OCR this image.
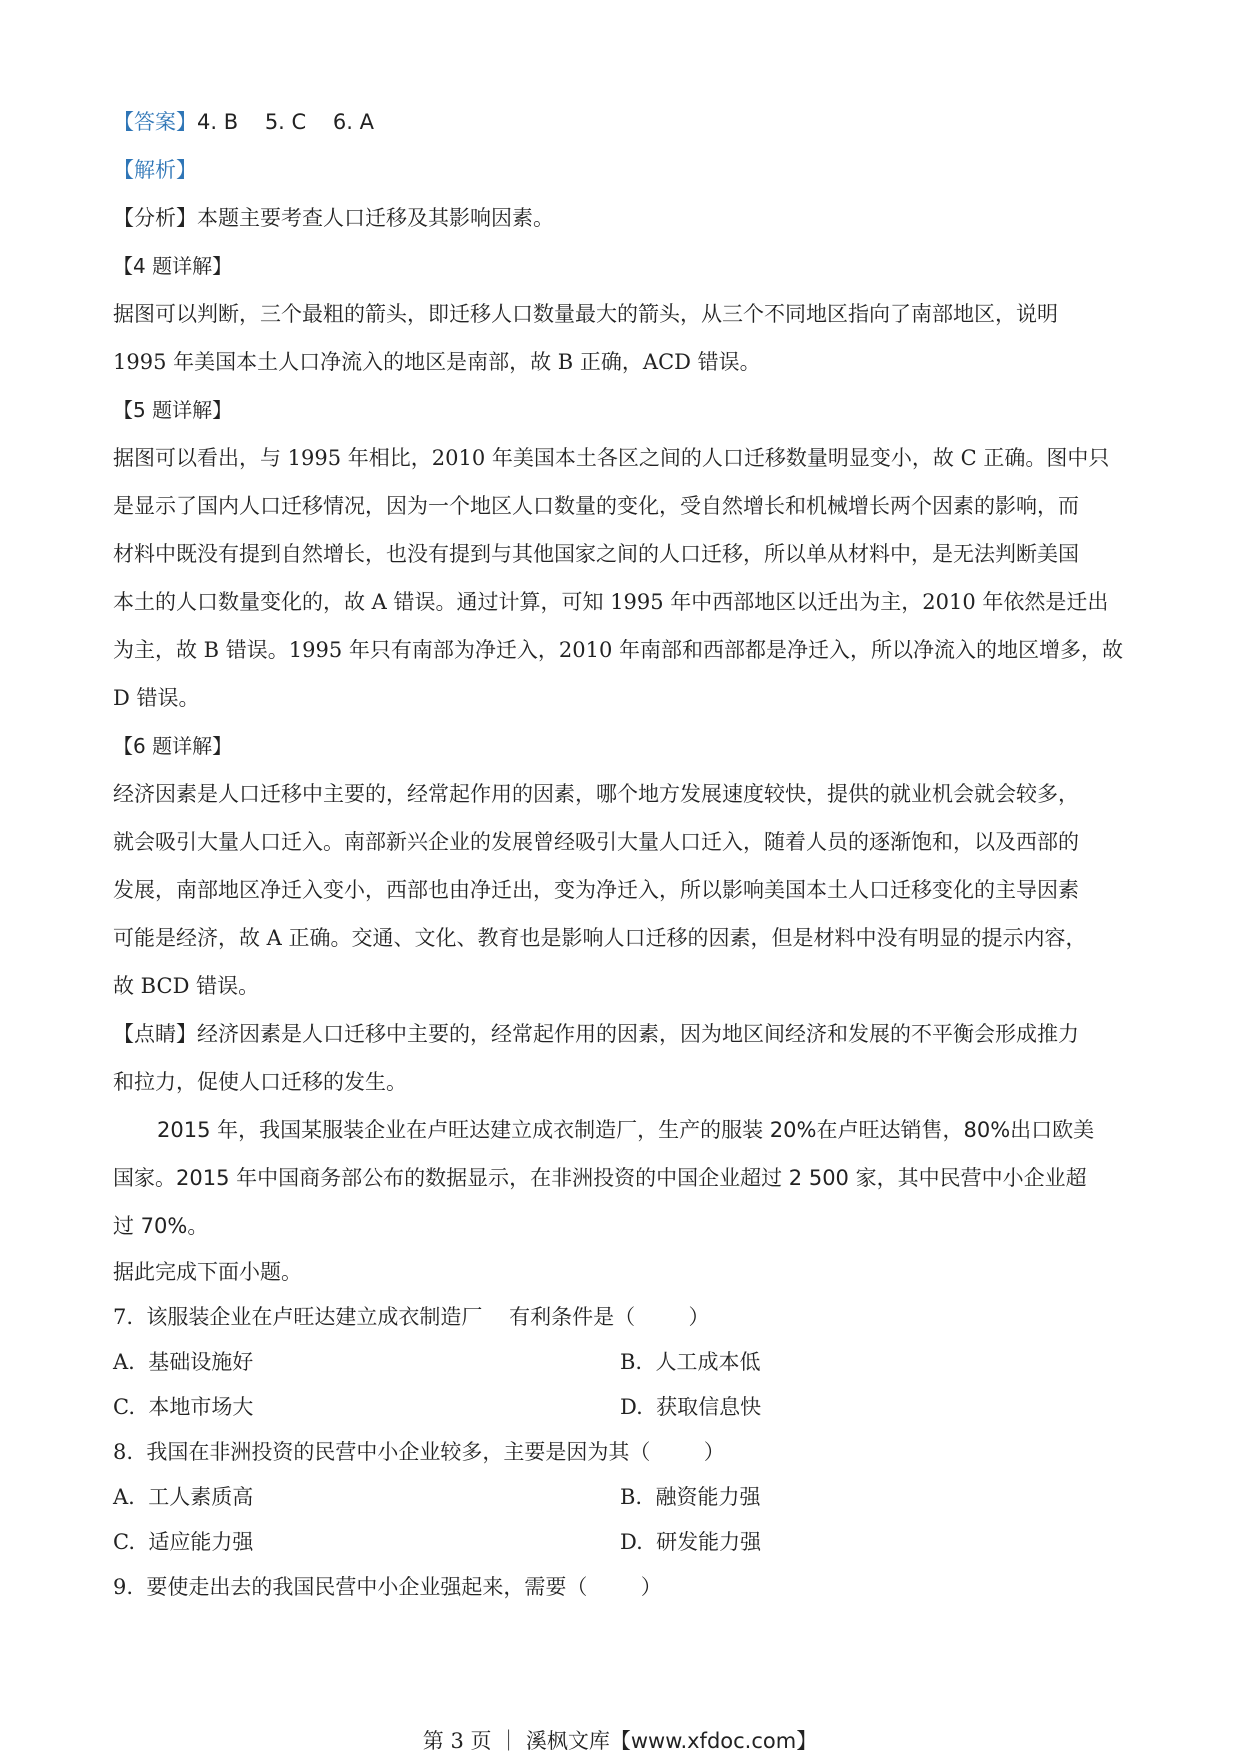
【答案】4. B    5. C    6. A

【解析】

【分析】本题主要考查人口迁移及其影响因素。

【4 题详解】

据图可以判断，三个最粗的箭头，即迁移人口数量最大的箭头，从三个不同地区指向了南部地区，说明

1995 年美国本土人口净流入的地区是南部，故 B 正确，ACD 错误。

【5 题详解】

据图可以看出，与 1995 年相比，2010 年美国本土各区之间的人口迁移数量明显变小，故 C 正确。图中只

是显示了国内人口迁移情况，因为一个地区人口数量的变化，受自然增长和机械增长两个因素的影响，而

材料中既没有提到自然增长，也没有提到与其他国家之间的人口迁移，所以单从材料中，是无法判断美国

本土的人口数量变化的，故 A 错误。通过计算，可知 1995 年中西部地区以迁出为主，2010 年依然是迁出

为主，故 B 错误。1995 年只有南部为净迁入，2010 年南部和西部都是净迁入，所以净流入的地区增多，故

D 错误。

【6 题详解】

经济因素是人口迁移中主要的，经常起作用的因素，哪个地方发展速度较快，提供的就业机会就会较多，

就会吸引大量人口迁入。南部新兴企业的发展曾经吸引大量人口迁入，随着人员的逐渐饱和，以及西部的

发展，南部地区净迁入变小，西部也由净迁出，变为净迁入，所以影响美国本土人口迁移变化的主导因素

可能是经济，故 A 正确。交通、文化、教育也是影响人口迁移的因素，但是材料中没有明显的提示内容，

故 BCD 错误。

【点睛】经济因素是人口迁移中主要的，经常起作用的因素，因为地区间经济和发展的不平衡会形成推力

和拉力，促使人口迁移的发生。

2015 年，我国某服装企业在卢旺达建立成衣制造厂，生产的服装 20%在卢旺达销售，80%出口欧美

国家。2015 年中国商务部公布的数据显示，在非洲投资的中国企业超过 2 500 家，其中民营中小企业超

过 70%。

据此完成下面小题。

7.  该服装企业在卢旺达建立成衣制造厂    有利条件是（        ）

A.  基础设施好	B.  人工成本低
C.  本地市场大	D.  获取信息快

8.  我国在非洲投资的民营中小企业较多，主要是因为其（        ）

A.  工人素质高	B.  融资能力强
C.  适应能力强	D.  研发能力强

9.  要使走出去的我国民营中小企业强起来，需要（        ）

第 3 页 ｜ 溪枫文库【www.xfdoc.com】
